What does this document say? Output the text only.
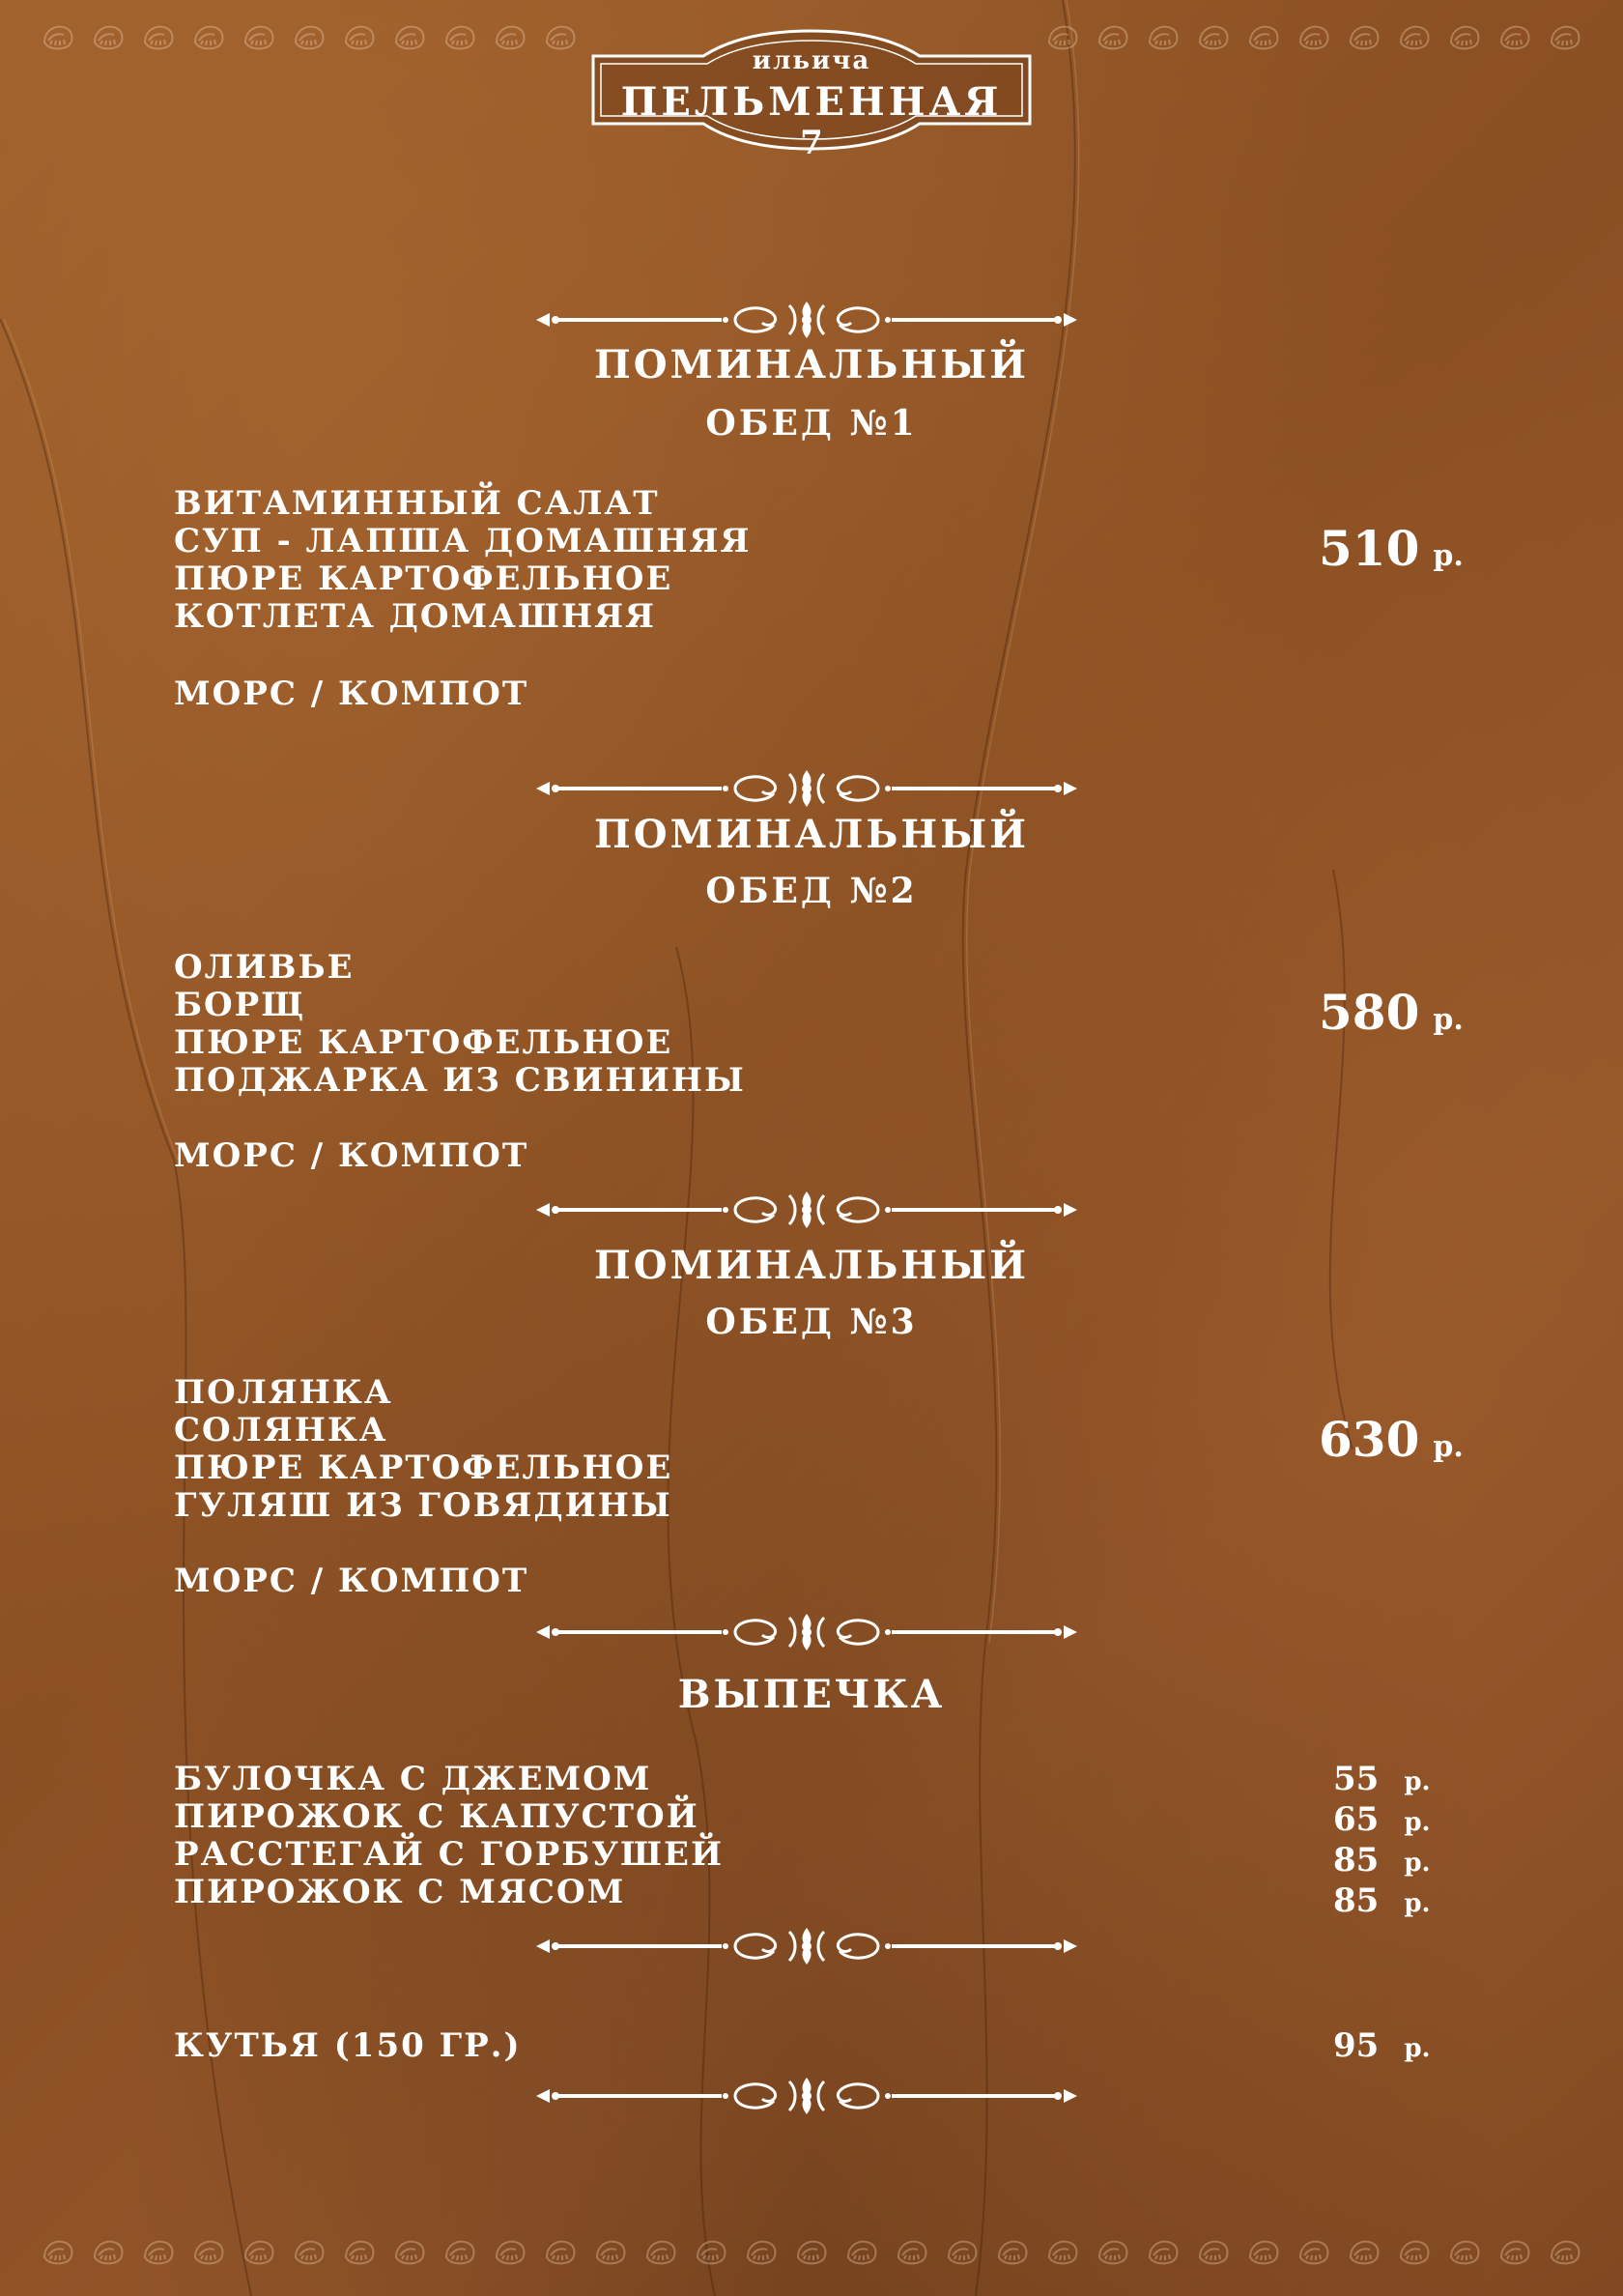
ильича
ПЕЛЬМЕННАЯ
7
ПОМИНАЛЬНЫЙ
ОБЕД №1
ВИТАМИННЫЙ САЛАТ
СУП - ЛАПША ДОМАШНЯЯ
ПЮРЕ КАРТОФЕЛЬНОЕ
КОТЛЕТА ДОМАШНЯЯ
МОРС / КОМПОТ
510 р.
ПОМИНАЛЬНЫЙ
ОБЕД №2
ОЛИВЬЕ
БОРЩ
ПЮРЕ КАРТОФЕЛЬНОЕ
ПОДЖАРКА ИЗ СВИНИНЫ
МОРС / КОМПОТ
580 р.
ПОМИНАЛЬНЫЙ
ОБЕД №3
ПОЛЯНКА
СОЛЯНКА
ПЮРЕ КАРТОФЕЛЬНОЕ
ГУЛЯШ ИЗ ГОВЯДИНЫ
МОРС / КОМПОТ
630 р.
ВЫПЕЧКА
БУЛОЧКА С ДЖЕМОМ
ПИРОЖОК С КАПУСТОЙ
РАССТЕГАЙ С ГОРБУШЕЙ
ПИРОЖОК С МЯСОМ
55 р.
65 р.
85 р.
85 р.
КУТЬЯ (150 ГР.)	95 р.
